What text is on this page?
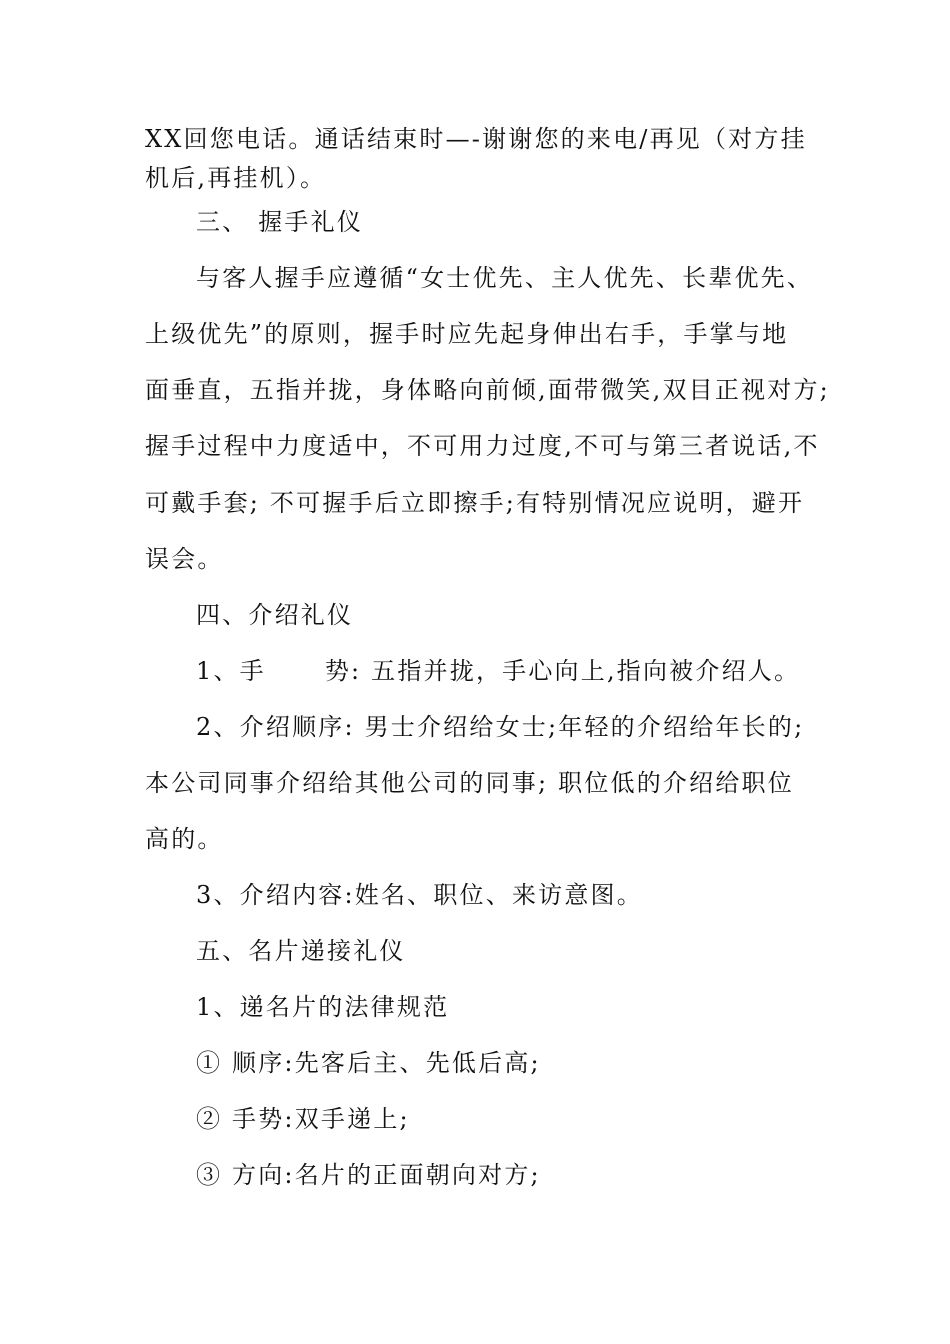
XX回您电话。通话结束时—-谢谢您的来电/再见（对方挂
机后,再挂机）。
三、 握手礼仪
与客人握手应遵循“女士优先、主人优先、长辈优先、
上级优先”的原则，握手时应先起身伸出右手，手掌与地
面垂直，五指并拢，身体略向前倾,面带微笑,双目正视对方;
握手过程中力度适中，不可用力过度,不可与第三者说话,不
可戴手套; 不可握手后立即擦手;有特别情况应说明，避开
误会。
四、介绍礼仪
1、手      势: 五指并拢，手心向上,指向被介绍人。
2、介绍顺序: 男士介绍给女士;年轻的介绍给年长的;
本公司同事介绍给其他公司的同事; 职位低的介绍给职位
高的。
3、介绍内容:姓名、职位、来访意图。
五、名片递接礼仪
1、递名片的法律规范
① 顺序:先客后主、先低后高;
② 手势:双手递上;
③ 方向:名片的正面朝向对方;
